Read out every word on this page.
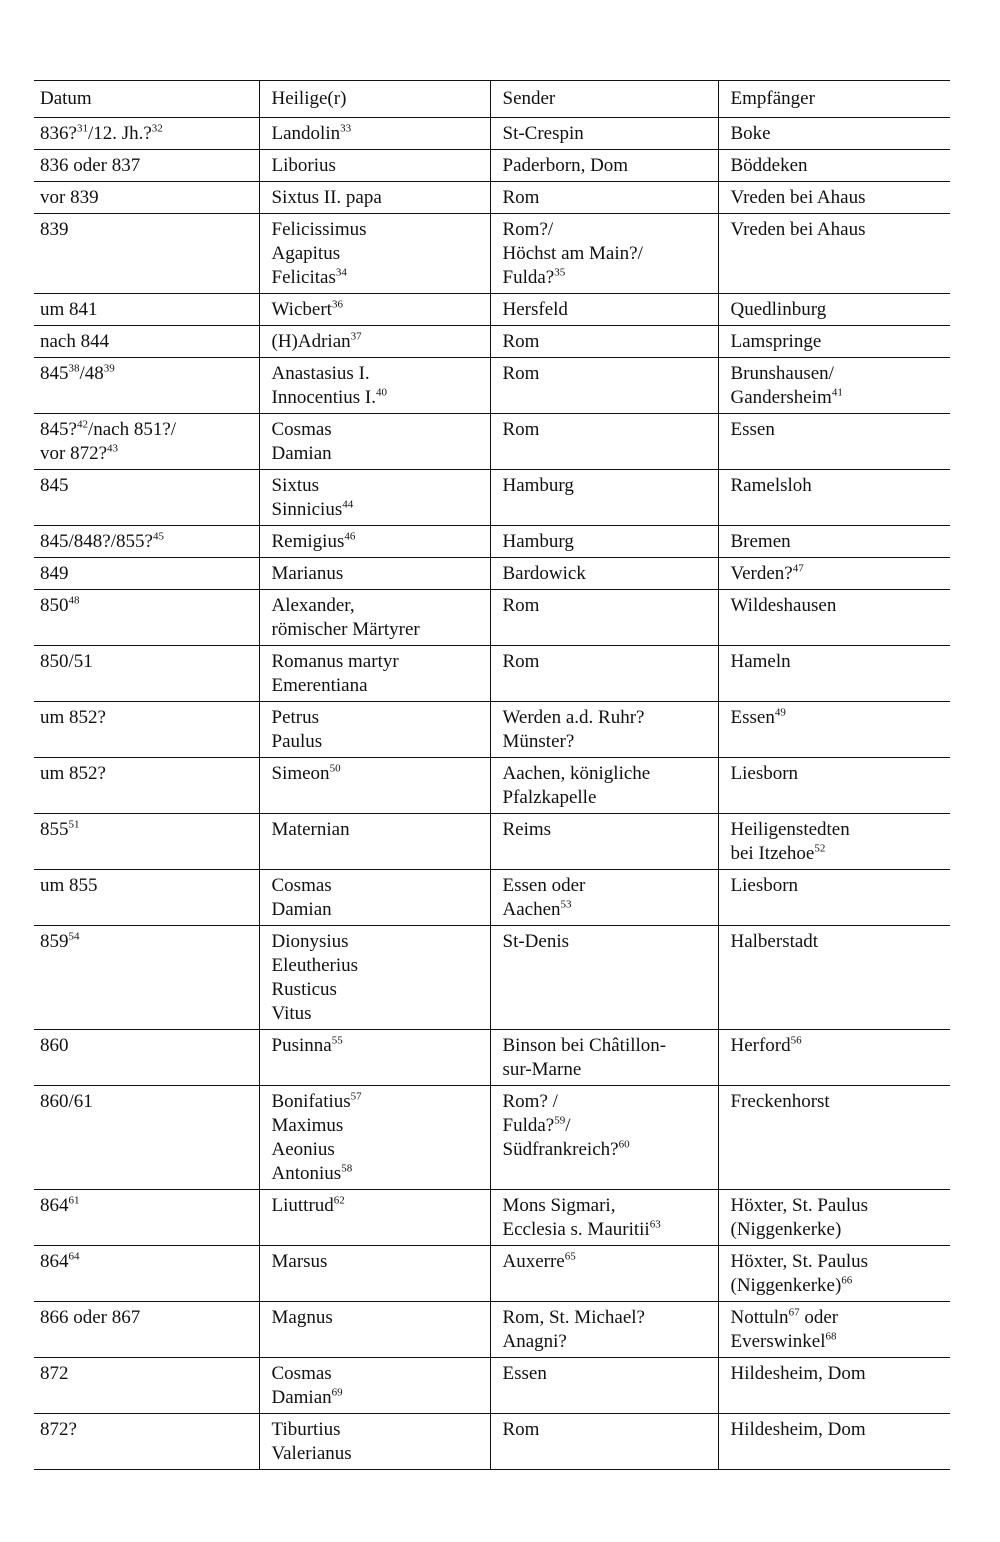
Datum	Heilige(r)	Sender	Empfänger

836?$^{31}$/12. Jh.?$^{32}$	Landolin$^{33}$	St-Crespin	Boke

836 oder 837	Liborius	Paderborn, Dom	Böddeken

vor 839	Sixtus II. papa	Rom	Vreden bei Ahaus

839	Felicissimus
Agapitus
Felicitas$^{34}$	Rom?/
Höchst am Main?/
Fulda?$^{35}$	Vreden bei Ahaus

um 841	Wicbert$^{36}$	Hersfeld	Quedlinburg

nach 844	(H)Adrian$^{37}$	Rom	Lamspringe

$845^{38}/48^{39}$	Anastasius I.
Innocentius I.$^{40}$	Rom	Brunshausen/
Gandersheim$^{41}$

845?$^{42}$/nach 851?/
vor 872?$^{43}$	Cosmas
Damian	Rom	Essen

845	Sixtus
Sinnicius$^{44}$	Hamburg	Ramelsloh

845/848?/855?$^{45}$	Remigius$^{46}$	Hamburg	Bremen

849	Marianus	Bardowick	Verden?$^{47}$

$850^{48}$	Alexander,
römischer Märtyrer	Rom	Wildeshausen

850/51	Romanus martyr
Emerentiana	Rom	Hameln

um 852?	Petrus
Paulus	Werden a.d. Ruhr?
Münster?	Essen$^{49}$

um 852?	Simeon$^{50}$	Aachen, königliche
Pfalzkapelle	Liesborn

$855^{51}$	Maternian	Reims	Heiligenstedten
bei Itzehoe$^{52}$

um 855	Cosmas
Damian	Essen oder
Aachen$^{53}$	Liesborn

$859^{54}$	Dionysius
Eleutherius
Rusticus
Vitus	St-Denis	Halberstadt

860	Pusinna$^{55}$	Binson bei Châtillon-
sur-Marne	Herford$^{56}$

860/61	Bonifatius$^{57}$
Maximus
Aeonius
Antonius$^{58}$	Rom? /
Fulda?$^{59}$/
Südfrankreich?$^{60}$	Freckenhorst

$864^{61}$	Liuttrud$^{62}$	Mons Sigmari,
Ecclesia s. Mauritii$^{63}$	Höxter, St. Paulus
(Niggenkerke)

$864^{64}$	Marsus	Auxerre$^{65}$	Höxter, St. Paulus
(Niggenkerke)$^{66}$

866 oder 867	Magnus	Rom, St. Michael?
Anagni?	Nottuln$^{67}$ oder
Everswinkel$^{68}$

872	Cosmas
Damian$^{69}$	Essen	Hildesheim, Dom

872?	Tiburtius
Valerianus	Rom	Hildesheim, Dom
